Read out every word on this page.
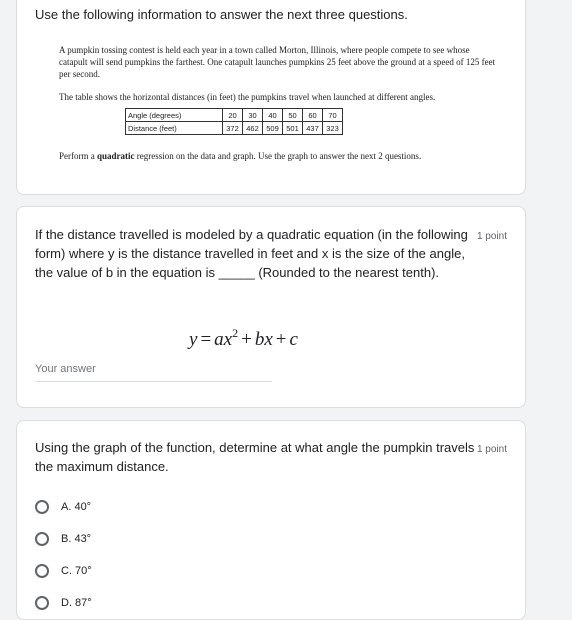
Use the following information to answer the next three questions.
A pumpkin tossing contest is held each year in a town called Morton, Illinois, where people compete to see whose catapult will send pumpkins the farthest. One catapult launches pumpkins 25 feet above the ground at a speed of 125 feet per second.
The table shows the horizontal distances (in feet) the pumpkins travel when launched at different angles.
Angle (degrees)	20	30	40	50	60	70
Distance (feet)	372	462	509	501	437	323
Perform a quadratic regression on the data and graph. Use the graph to answer the next 2 questions.
If the distance travelled is modeled by a quadratic equation (in the following form) where y is the distance travelled in feet and x is the size of the angle, the value of b in the equation is _____ (Rounded to the nearest tenth).
1 point
$y = ax^2$ + bx + c
Your answer
Using the graph of the function, determine at what angle the pumpkin travels the maximum distance.
1 point
A. 40°
B. 43°
C. 70°
D. 87°
